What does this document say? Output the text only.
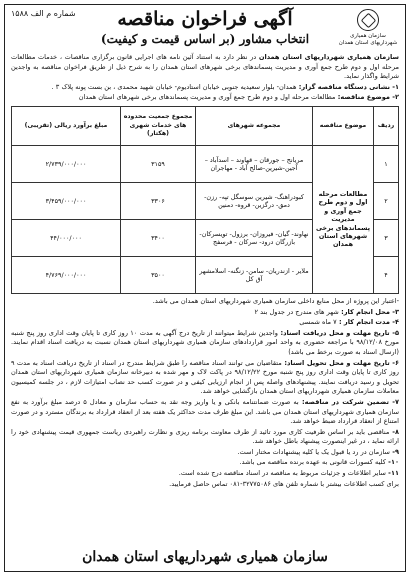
شماره م الف ۱۵۸۸	آگهی فراخوان مناقصه
انتخاب مشاور (بر اساس قیمت و کیفیت)	سازمان همیاری شهرداریهای استان همدان

سازمان همیاری شهرداریهای استان همدان در نظر دارد به استناد آئین نامه های اجرایی قانون برگزاری مناقصات ، خدمات مطالعات مرحله اول و دوم طرح جمع آوری و مدیریت پسماندهای برخی شهرهای استان همدان را به شرح ذیل از طریق فراخوان مناقصه به واجدین شرایط واگذار نماید.

۱- نشانی دستگاه مناقصه گزار: همدان- بلوار سعیدیه جنوبی خیابان استادیوم- خیابان شهید محمدی ، بن بست پونه پلاک ۳ .

۲- موضوع مناقصه: مطالعات مرحله اول و دوم طرح جمع آوری و مدیریت پسماندهای برخی شهرهای استان همدان

ردیف	موضوع مناقصه	مجموعه شهرهای	مجموع جمعیت محدوده های خدمات شهری (هکتار)	مبلغ برآورد ریالی (تقریبی)
۱	مطالعات مرحله اول و دوم طرح جمع آوری و مدیریت پسماندهای برخی شهرهای استان همدان	مریانج – جورقان – قهاوند – اسدآباد – آجین-شیرین-صالح آباد - مهاجران	۳۱۵۹	۲/۷۳۹/۰۰۰/۰۰۰
۲		کبودراهنگ- شیرین سوسگل تپه- رزن- دمق- درگزین- قروه- دمنین	۳۳۰۶	۳/۴۵۹/۰۰۰/۰۰۰
۳		نهاوند- گیان- فیروزان- برزول- تویسرکان-بازرگان درود- سرکان - فرسفج	۳۴۰۰	۴۴/۰۰۰/۰۰۰
۴		ملایر - ازندریان- سامن- زنگنه- اسلامشهر آق کل	۳۵۰۰	۴/۷۶۹/۰۰۰/۰۰۰

-اعتبار این پروژه از محل منابع داخلی سازمان همیاری شهرداریهای استان همدان می باشد.

۳- محل انجام کار: شهر های مندرج در جدول بند ۲

۴- مدت انجام کار : ۷ ماه شمسی

۵- تاریخ مهلت و محل دریافت اسناد: واجدین شرایط میتوانند از تاریخ درج آگهی به مدت ۱۰ روز کاری تا پایان وقت اداری روز پنج شنبه مورخ ۹۸/۱۲/۰۸ با مراجعه حضوری به واحد امور قراردادهای سازمان همیاری شهرداریهای استان همدان نسبت به دریافت اسناد اقدام نمایند. (ارسال اسناد به صورت برخط می باشد)

۶- تاریخ مهلت و محل تحویل اسناد: متقاضیان می توانند اسناد مناقصه را طبق شرایط مندرج در اسناد از تاریخ دریافت اسناد به مدت ۹ روز کاری تا پایان وقت اداری روز پنج شنبه مورخ ۹۸/۱۲/۲۲ در پاکت لاک و مهر شده به دبیرخانه سازمان همیاری شهرداریهای استان همدان تحویل و رسید دریافت نمایند. پیشنهادهای واصله پس از انجام ارزیابی کیفی و در صورت کسب حد نصاب امتیازات لازم ، در جلسه کمیسیون معاملات سازمان همیاری شهرداریهای استان همدان بازگشایی خواهد شد.

۷- تضمین شرکت در مناقصه: به صورت ضمانتنامه بانکی و یا واریز وجه نقد به حساب سازمان و معادل ۵ درصد مبلغ برآورد به نفع سازمان همیاری شهرداریهای استان همدان می باشد. این مبلغ ظرف مدت حداکثر یک هفته بعد از انعقاد قرارداد به برندگان مسترد و در صورت امتناع از انعقاد قرارداد ضبط خواهد شد.

۸- مناقصی باید بر اساس ظرفیت کاری مورد تائید از طرف معاونت برنامه ریزی و نظارت راهبردی ریاست جمهوری قیمت پیشنهادی خود را ارائه نماید ، در غیر اینصورت پیشنهاد باطل خواهد شد.

۹- سازمان در رد یا قبول یک یا کلیه پیشنهادات مختار است.

۱۰- کلیه کسورات قانونی به عهده برنده مناقصه می باشد.

۱۱- سایر اطلاعات و جزئیات مربوط به مناقصه در اسناد مناقصه درج شده است.

برای کسب اطلاعات بیشتر با شماره تلفن های ۳۲۷۷۵۰۸۶-۰۸۱ تماس حاصل فرمایید.

سازمان همیاری شهرداریهای استان همدان
